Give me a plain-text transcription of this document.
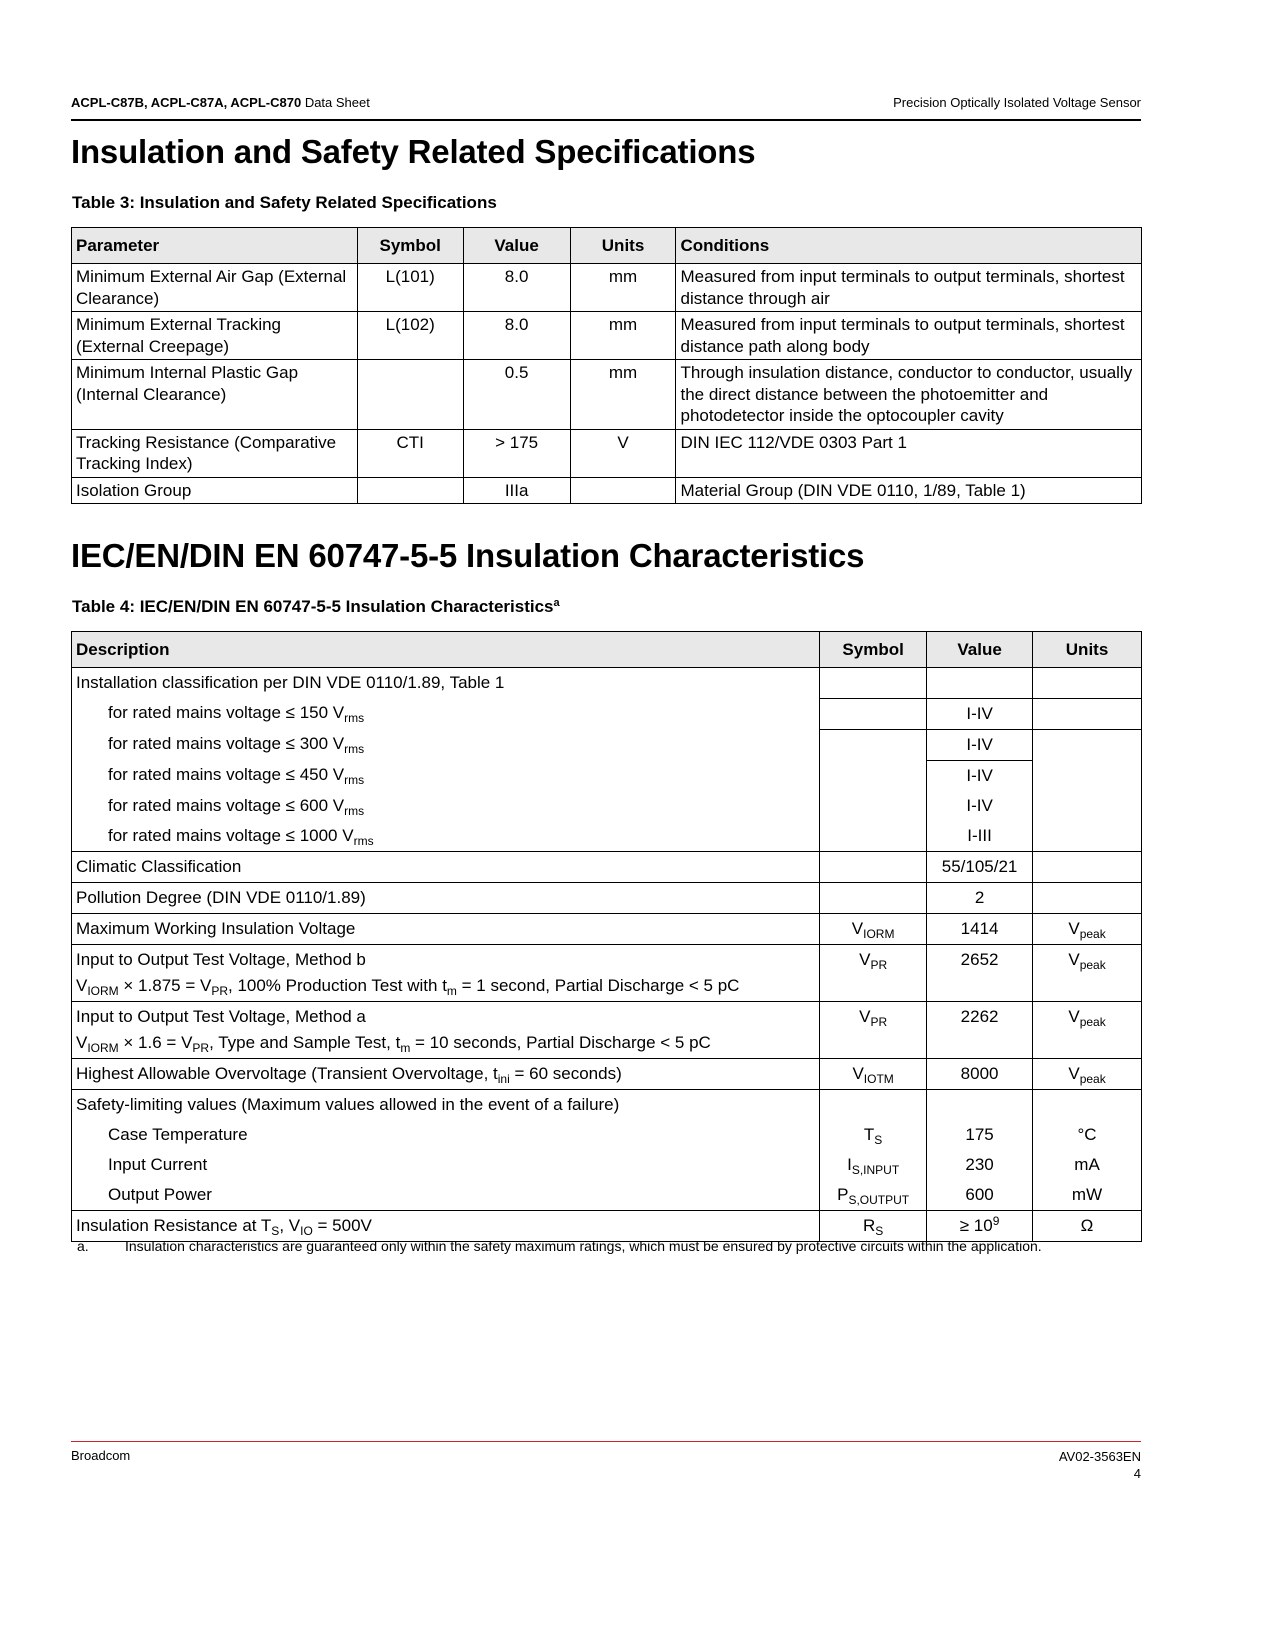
ACPL-C87B, ACPL-C87A, ACPL-C870 Data Sheet	Precision Optically Isolated Voltage Sensor
Insulation and Safety Related Specifications

Table 3: Insulation and Safety Related Specifications

Parameter	Symbol	Value	Units	Conditions
Minimum External Air Gap (External Clearance)	L(101)	8.0	mm	Measured from input terminals to output terminals, shortest distance through air
Minimum External Tracking (External Creepage)	L(102)	8.0	mm	Measured from input terminals to output terminals, shortest distance path along body
Minimum Internal Plastic Gap (Internal Clearance)		0.5	mm	Through insulation distance, conductor to conductor, usually the direct distance between the photoemitter and photodetector inside the optocoupler cavity
Tracking Resistance (Comparative Tracking Index)	CTI	> 175	V	DIN IEC 112/VDE 0303 Part 1
Isolation Group		IIIa		Material Group (DIN VDE 0110, 1/89, Table 1)
IEC/EN/DIN EN 60747-5-5 Insulation Characteristics

Table 4: IEC/EN/DIN EN 60747-5-5 Insulation Characteristics$^a$

Description	Symbol	Value	Units
Installation classification per DIN VDE 0110/1.89, Table 1			
for rated mains voltage ≤ 150 $V_{rms}$		I-IV	
for rated mains voltage ≤ 300 $V_{rms}$		I-IV	
for rated mains voltage ≤ 450 $V_{rms}$		I-IV	
for rated mains voltage ≤ 600 $V_{rms}$		I-IV	
for rated mains voltage ≤ 1000 $V_{rms}$		I-III	
Climatic Classification		55/105/21	
Pollution Degree (DIN VDE 0110/1.89)		2	
Maximum Working Insulation Voltage	$V_{IORM}$	1414	$V_{peak}$

Input to Output Test Voltage, Method b
$V_{IORM} \times 1.875 = V_{PR}$, 100% Production Test with $t_m = 1$ second, Partial Discharge < 5 pC	$V_{PR}$	2652	$V_{peak}$

Input to Output Test Voltage, Method a
$V_{IORM} \times 1.6 = V_{PR}$, Type and Sample Test, $t_m = 10$ seconds, Partial Discharge < 5 pC	$V_{PR}$	2262	$V_{peak}$
Highest Allowable Overvoltage (Transient Overvoltage, $t_{ini} = 60$ seconds)	$V_{IOTM}$	8000	$V_{peak}$
Safety-limiting values (Maximum values allowed in the event of a failure)			
Case Temperature	$T_S$	175	°C
Input Current	$I_{S,INPUT}$	230	mA
Output Power	$P_{S,OUTPUT}$	600	mW
Insulation Resistance at $T_S$, $V_{IO} = 500V$	$R_S$	≥ $10^9$	Ω
a.	Insulation characteristics are guaranteed only within the safety maximum ratings, which must be ensured by protective circuits within the application.
Broadcom	AV02-3563EN
4
